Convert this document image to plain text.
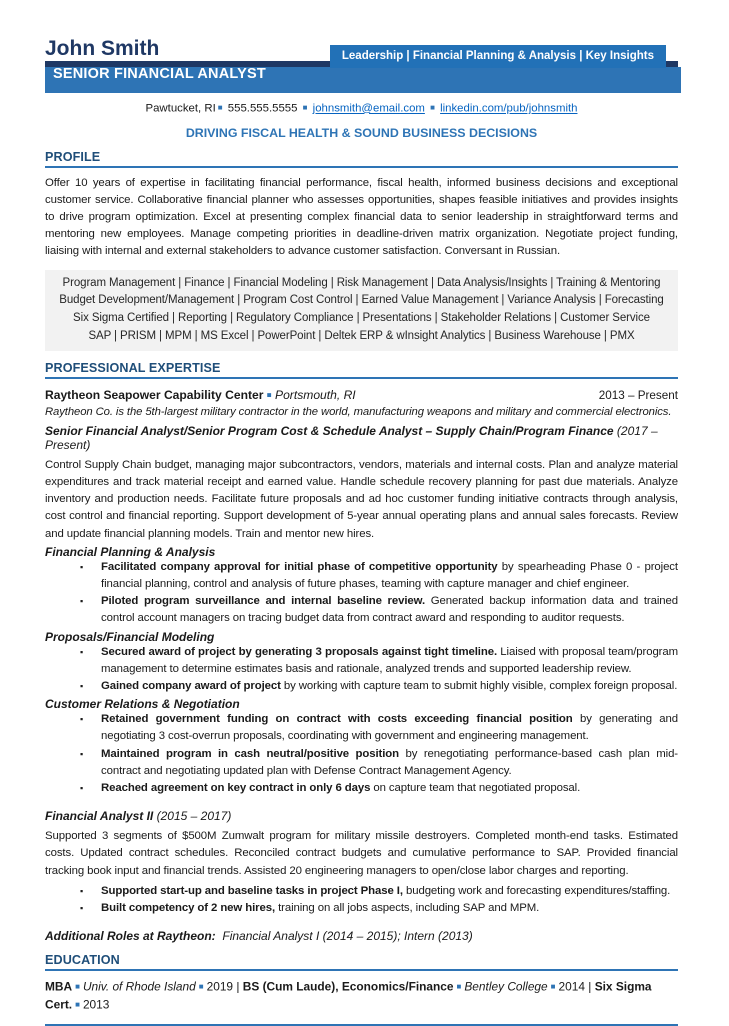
John Smith	Leadership | Financial Planning & Analysis | Key Insights
SENIOR FINANCIAL ANALYST
Pawtucket, RI ■ 555.555.5555 ■ johnsmith@email.com ■ linkedin.com/pub/johnsmith
DRIVING FISCAL HEALTH & SOUND BUSINESS DECISIONS
PROFILE

Offer 10 years of expertise in facilitating financial performance, fiscal health, informed business decisions and exceptional customer service. Collaborative financial planner who assesses opportunities, shapes feasible initiatives and provides insights to drive program optimization. Excel at presenting complex financial data to senior leadership in straightforward terms and mentoring new employees. Manage competing priorities in deadline-driven matrix organization. Negotiate project funding, liaising with internal and external stakeholders to advance customer satisfaction. Conversant in Russian.

Program Management | Finance | Financial Modeling | Risk Management | Data Analysis/Insights | Training & Mentoring
Budget Development/Management | Program Cost Control | Earned Value Management | Variance Analysis | Forecasting
Six Sigma Certified | Reporting | Regulatory Compliance | Presentations | Stakeholder Relations | Customer Service
SAP | PRISM | MPM | MS Excel | PowerPoint | Deltek ERP & wInsight Analytics | Business Warehouse | PMX
PROFESSIONAL EXPERTISE
Raytheon Seapower Capability Center ■ Portsmouth, RI	2013 – Present

Raytheon Co. is the 5th-largest military contractor in the world, manufacturing weapons and military and commercial electronics.

Senior Financial Analyst/Senior Program Cost & Schedule Analyst – Supply Chain/Program Finance (2017 – Present)

Control Supply Chain budget, managing major subcontractors, vendors, materials and internal costs. Plan and analyze material expenditures and track material receipt and earned value. Handle schedule recovery planning for past due materials. Analyze inventory and production needs. Facilitate future proposals and ad hoc customer funding initiative contracts through analysis, cost control and financial reporting. Support development of 5-year annual operating plans and annual sales forecasts. Review and update financial planning models. Train and mentor new hires.

Financial Planning & Analysis

▪ Facilitated company approval for initial phase of competitive opportunity by spearheading Phase 0 - project financial planning, control and analysis of future phases, teaming with capture manager and chief engineer.
▪ Piloted program surveillance and internal baseline review. Generated backup information data and trained control account managers on tracing budget data from contract award and responding to auditor requests.

Proposals/Financial Modeling

▪ Secured award of project by generating 3 proposals against tight timeline. Liaised with proposal team/program management to determine estimates basis and rationale, analyzed trends and supported leadership review.
▪ Gained company award of project by working with capture team to submit highly visible, complex foreign proposal.

Customer Relations & Negotiation

▪ Retained government funding on contract with costs exceeding financial position by generating and negotiating 3 cost-overrun proposals, coordinating with government and engineering management.
▪ Maintained program in cash neutral/positive position by renegotiating performance-based cash plan mid-contract and negotiating updated plan with Defense Contract Management Agency.
▪ Reached agreement on key contract in only 6 days on capture team that negotiated proposal.

Financial Analyst II (2015 – 2017)

Supported 3 segments of $500M Zumwalt program for military missile destroyers. Completed month-end tasks. Estimated costs. Updated contract schedules. Reconciled contract budgets and cumulative performance to SAP. Provided financial tracking book input and financial trends. Assisted 20 engineering managers to open/close labor charges and reporting.

▪ Supported start-up and baseline tasks in project Phase I, budgeting work and forecasting expenditures/staffing.
▪ Built competency of 2 new hires, training on all jobs aspects, including SAP and MPM.

Additional Roles at Raytheon: Financial Analyst I (2014 – 2015); Intern (2013)

EDUCATION

MBA ■ Univ. of Rhode Island ■ 2019 | BS (Cum Laude), Economics/Finance ■ Bentley College ■ 2014 | Six Sigma Cert. ■ 2013
